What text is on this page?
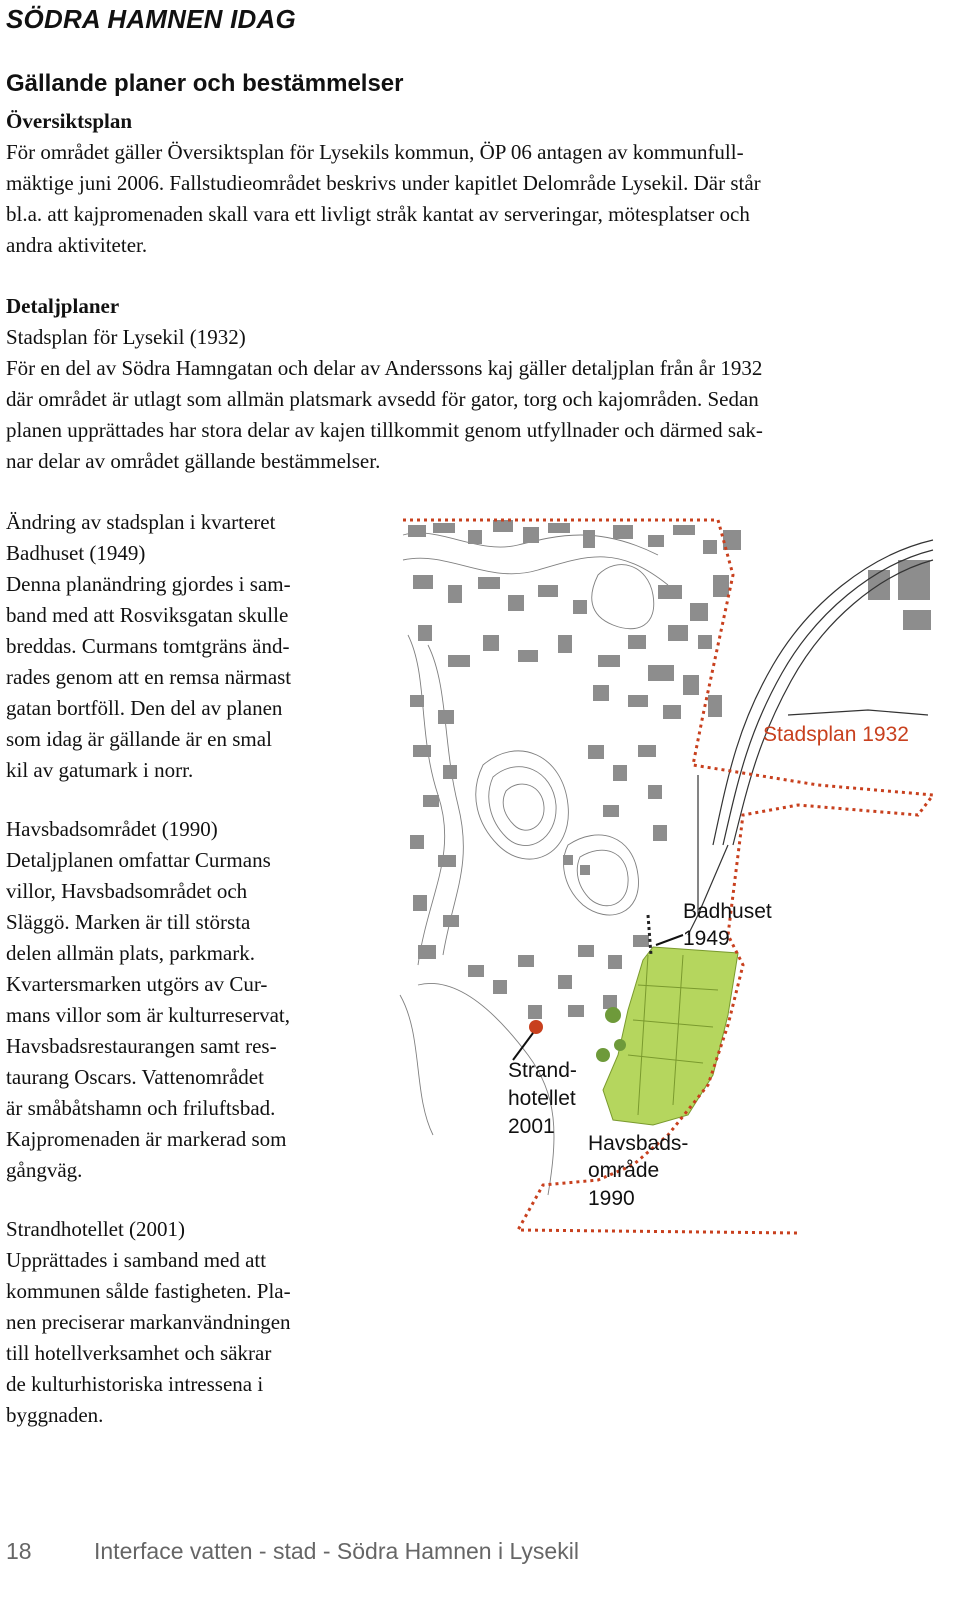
SÖDRA HAMNEN IDAG
Gällande planer och bestämmelser

Översiktsplan

För området gäller Översiktsplan för Lysekils kommun, ÖP 06 antagen av kommunfull-

mäktige juni 2006. Fallstudieområdet beskrivs under kapitlet Delområde Lysekil. Där står

bl.a. att kajpromenaden skall vara ett livligt stråk kantat av serveringar, mötesplatser och

andra aktiviteter.

Detaljplaner

Stadsplan för Lysekil (1932)

För en del av Södra Hamngatan och delar av Anderssons kaj gäller detaljplan från år 1932

där området är utlagt som allmän platsmark avsedd för gator, torg och kajområden. Sedan

planen upprättades har stora delar av kajen tillkommit genom utfyllnader och därmed sak-

nar delar av området gällande bestämmelser.

Ändring av stadsplan i kvarteret

Badhuset (1949)

Denna planändring gjordes i sam-

band med att Rosviksgatan skulle

breddas. Curmans tomtgräns änd-

rades genom att en remsa närmast

gatan bortföll. Den del av planen

som idag är gällande är en smal

kil av gatumark i norr.

Havsbadsområdet (1990)

Detaljplanen omfattar Curmans

villor, Havsbadsområdet och

Släggö. Marken är till största

delen allmän plats, parkmark.

Kvartersmarken utgörs av Cur-

mans villor som är kulturreservat,

Havsbadsrestaurangen samt res-

taurang Oscars. Vattenområdet

är småbåtshamn och friluftsbad.

Kajpromenaden är markerad som

gångväg.

Strandhotellet (2001)

Upprättades i samband med att

kommunen sålde fastigheten. Pla-

nen preciserar markanvändningen

till hotellverksamhet och säkrar

de kulturhistoriska intressena i

byggnaden.

Stadsplan 1932
Badhuset
1949
Strand-
hotellet
2001
Havsbads-
område
1990
18	Interface vatten - stad - Södra Hamnen i Lysekil
